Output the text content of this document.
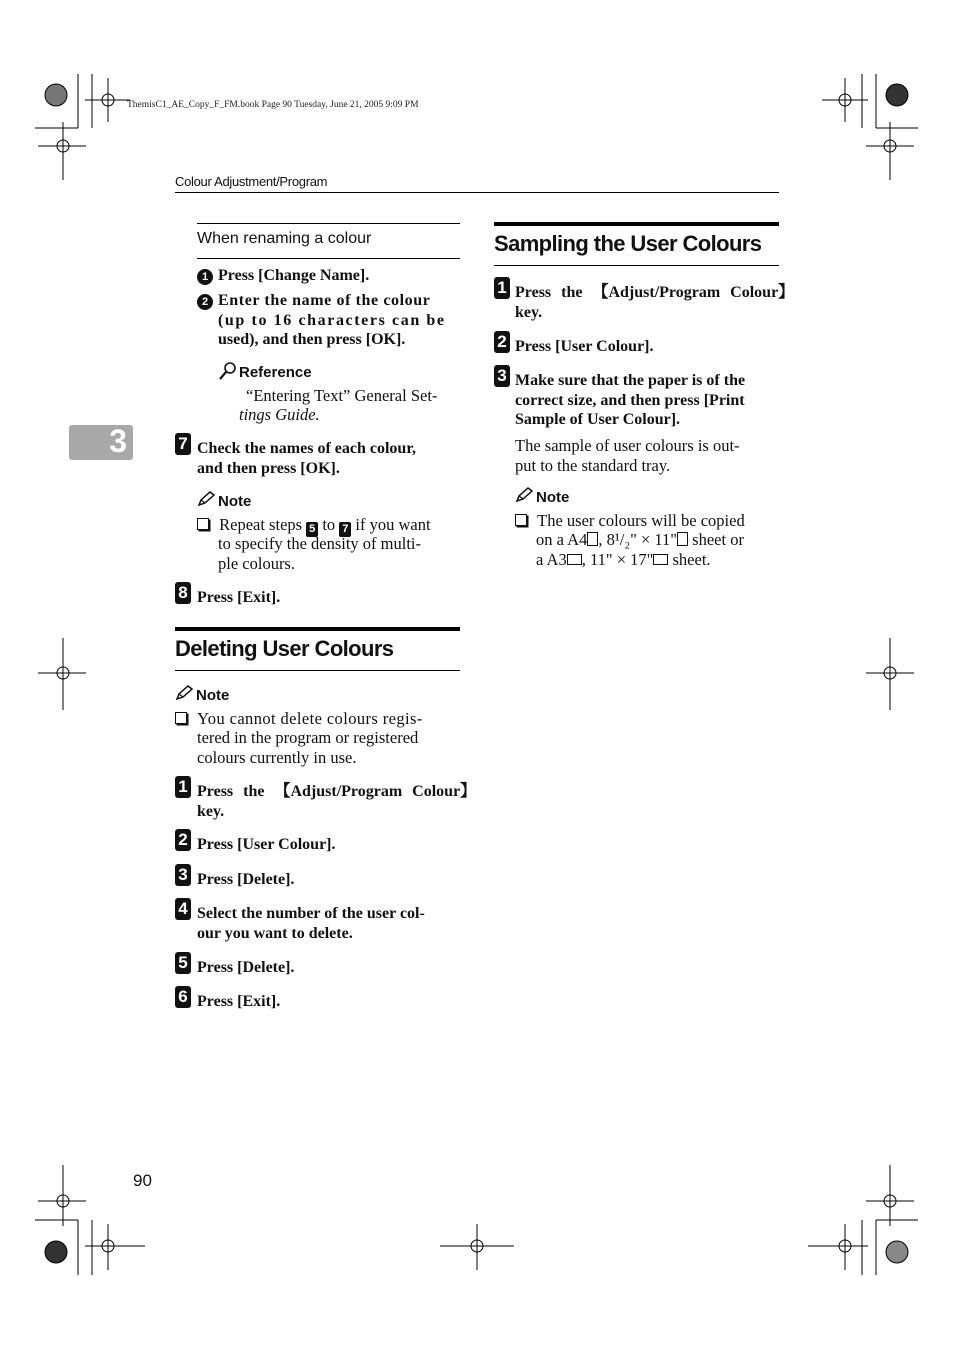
ThemisC1_AE_Copy_F_FM.book Page 90 Tuesday, June 21, 2005 9:09 PM
Colour Adjustment/Program
3
90
When renaming a colour
1 Press [Change Name].
2 Enter the name of the colour
(up to 16 characters can be
used), and then press [OK].
Reference
“Entering Text” General Set-
tings Guide.
7 Check the names of each colour,
and then press [OK].
Note
Repeat steps 5 to 7 if you want
to specify the density of multi-
ple colours.
8 Press [Exit].
Deleting User Colours
Note
You cannot delete colours regis-
tered in the program or registered
colours currently in use.
1 Press the 【Adjust/Program Colour】
key.
2 Press [User Colour].
3 Press [Delete].
4 Select the number of the user col-
our you want to delete.
5 Press [Delete].
6 Press [Exit].
Sampling the User Colours
1 Press the 【Adjust/Program Colour】
key.
2 Press [User Colour].
3 Make sure that the paper is of the
correct size, and then press [Print
Sample of User Colour].
The sample of user colours is out-
put to the standard tray.
Note
The user colours will be copied
on a A4 , 8¹/₂" × 11" sheet or
a A3 , 11" × 17" sheet.
